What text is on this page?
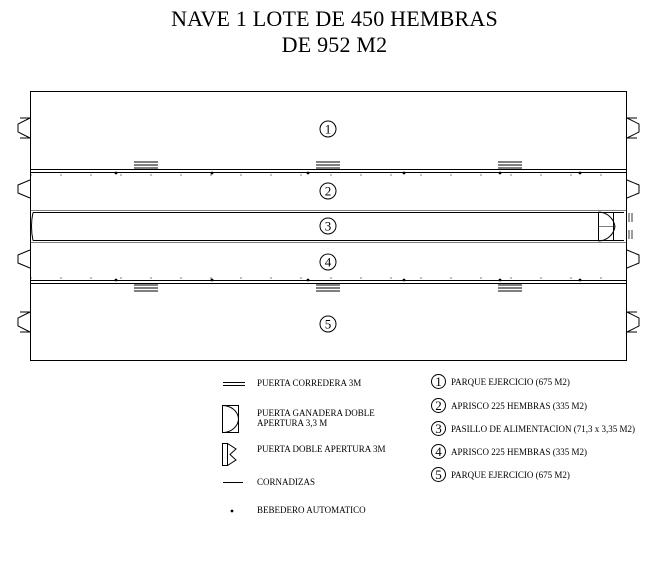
NAVE 1 LOTE DE 450 HEMBRAS
DE 952 M2
1
2
3
4
5
PUERTA CORREDERA 3M
PUERTA GANADERA DOBLE APERTURA 3,3 M
PUERTA DOBLE APERTURA 3M
CORNADIZAS
BEBEDERO AUTOMATICO
1	PARQUE EJERCICIO (675 M2)
2	APRISCO 225 HEMBRAS (335 M2)
3	PASILLO DE ALIMENTACION (71,3 x 3,35 M2)
4	APRISCO 225 HEMBRAS (335 M2)
5	PARQUE EJERCICIO (675 M2)
